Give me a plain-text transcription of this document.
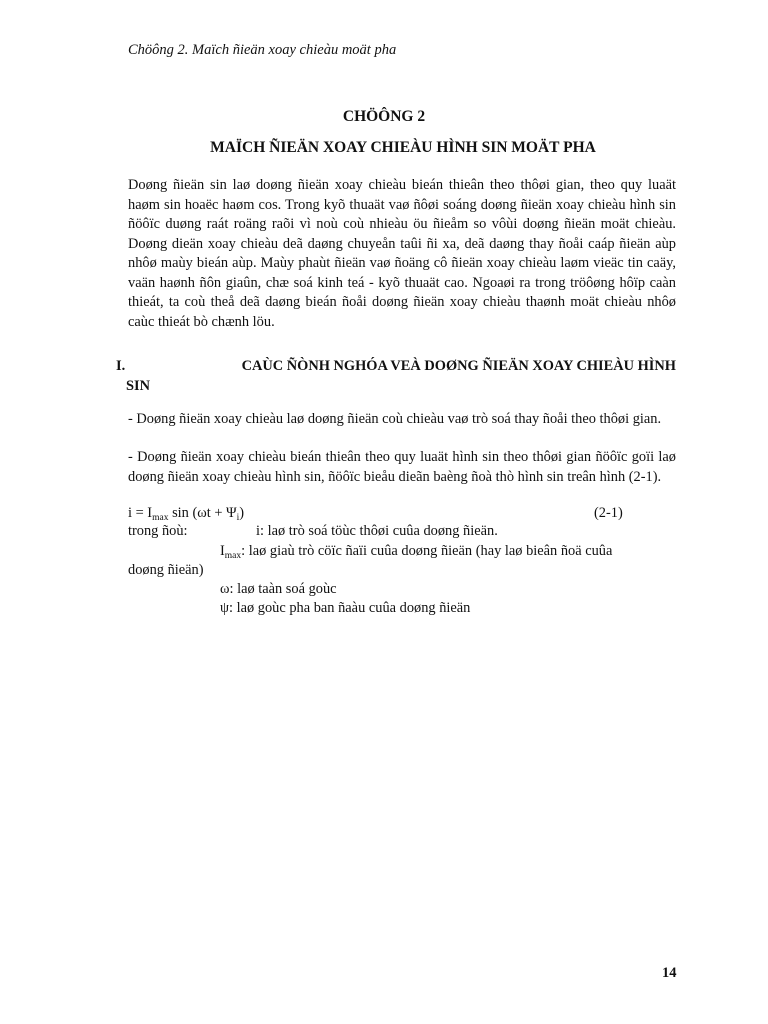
Chöông 2. Maïch ñieän xoay chieàu moät pha
CHÖÔNG 2
MAÏCH ÑIEÄN XOAY CHIEÀU HÌNH SIN MOÄT PHA
Doøng ñieän sin laø doøng ñieän xoay chieàu bieán thieân theo thôøi gian, theo quy luaät haøm sin hoaëc haøm cos. Trong kyõ thuaät vaø ñôøi soáng doøng ñieän xoay chieàu hình sin ñöôïc duøng raát roäng raõi vì noù coù nhieàu öu ñieåm so vôùi doøng ñieän moät chieàu. Doøng dieän xoay chieàu deã daøng chuyeån taûi ñi xa, deã daøng thay ñoåi caáp ñieän aùp nhôø maùy bieán aùp. Maùy phaùt ñieän vaø ñoäng cô ñieän xoay chieàu laøm vieäc tin caäy, vaän haønh ñôn giaûn, chæ soá kinh teá - kyõ thuaät cao. Ngoaøi ra trong tröôøng hôïp caàn thieát, ta coù theå deã daøng bieán ñoåi doøng ñieän xoay chieàu thaønh moät chieàu nhôø caùc thieát bò chænh löu.
I.	CAÙC ÑÒNH NGHÓA VEÀ DOØNG ÑIEÄN XOAY CHIEÀU HÌNH
SIN
- Doøng ñieän xoay chieàu laø doøng ñieän coù chieàu vaø trò soá thay ñoåi theo thôøi gian.
- Doøng ñieän xoay chieàu bieán thieân theo quy luaät hình sin theo thôøi gian ñöôïc goïi laø doøng ñieän xoay chieàu hình sin, ñöôïc bieåu dieãn baèng ñoà thò hình sin treân hình (2-1).
$i = I_{max}$ $\sin (\omega t + \Psi_i)$	(2-1)
trong ñoù:	i: laø trò soá töùc thôøi cuûa doøng ñieän.
$I_{max}$: laø giaù trò cöïc ñaïi cuûa doøng ñieän (hay laø bieân ñoä cuûa
doøng ñieän)
ω: laø taàn soá goùc
ψ: laø goùc pha ban ñaàu cuûa doøng ñieän
14
